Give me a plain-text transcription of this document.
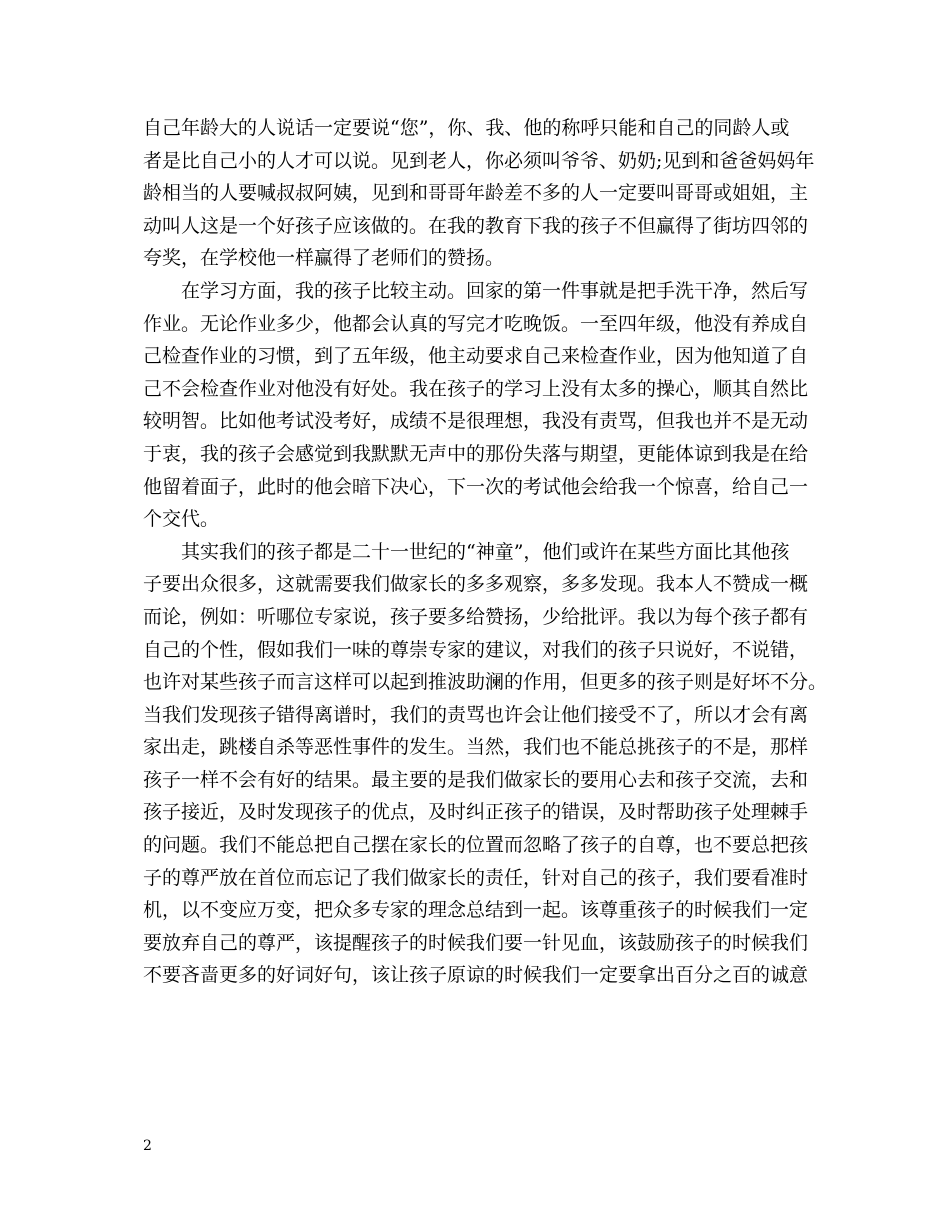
自己年龄大的人说话一定要说“您”，你、我、他的称呼只能和自己的同龄人或
者是比自己小的人才可以说。见到老人，你必须叫爷爷、奶奶;见到和爸爸妈妈年
龄相当的人要喊叔叔阿姨，见到和哥哥年龄差不多的人一定要叫哥哥或姐姐，主
动叫人这是一个好孩子应该做的。在我的教育下我的孩子不但赢得了街坊四邻的
夸奖，在学校他一样赢得了老师们的赞扬。
在学习方面，我的孩子比较主动。回家的第一件事就是把手洗干净，然后写
作业。无论作业多少，他都会认真的写完才吃晚饭。一至四年级，他没有养成自
己检查作业的习惯，到了五年级，他主动要求自己来检查作业，因为他知道了自
己不会检查作业对他没有好处。我在孩子的学习上没有太多的操心，顺其自然比
较明智。比如他考试没考好，成绩不是很理想，我没有责骂，但我也并不是无动
于衷，我的孩子会感觉到我默默无声中的那份失落与期望，更能体谅到我是在给
他留着面子，此时的他会暗下决心，下一次的考试他会给我一个惊喜，给自己一
个交代。
其实我们的孩子都是二十一世纪的“神童”，他们或许在某些方面比其他孩
子要出众很多，这就需要我们做家长的多多观察，多多发现。我本人不赞成一概
而论，例如：听哪位专家说，孩子要多给赞扬，少给批评。我以为每个孩子都有
自己的个性，假如我们一味的尊崇专家的建议，对我们的孩子只说好，不说错，
也许对某些孩子而言这样可以起到推波助澜的作用，但更多的孩子则是好坏不分。
当我们发现孩子错得离谱时，我们的责骂也许会让他们接受不了，所以才会有离
家出走，跳楼自杀等恶性事件的发生。当然，我们也不能总挑孩子的不是，那样
孩子一样不会有好的结果。最主要的是我们做家长的要用心去和孩子交流，去和
孩子接近，及时发现孩子的优点，及时纠正孩子的错误，及时帮助孩子处理棘手
的问题。我们不能总把自己摆在家长的位置而忽略了孩子的自尊，也不要总把孩
子的尊严放在首位而忘记了我们做家长的责任，针对自己的孩子，我们要看准时
机，以不变应万变，把众多专家的理念总结到一起。该尊重孩子的时候我们一定
要放弃自己的尊严，该提醒孩子的时候我们要一针见血，该鼓励孩子的时候我们
不要吝啬更多的好词好句，该让孩子原谅的时候我们一定要拿出百分之百的诚意
2
